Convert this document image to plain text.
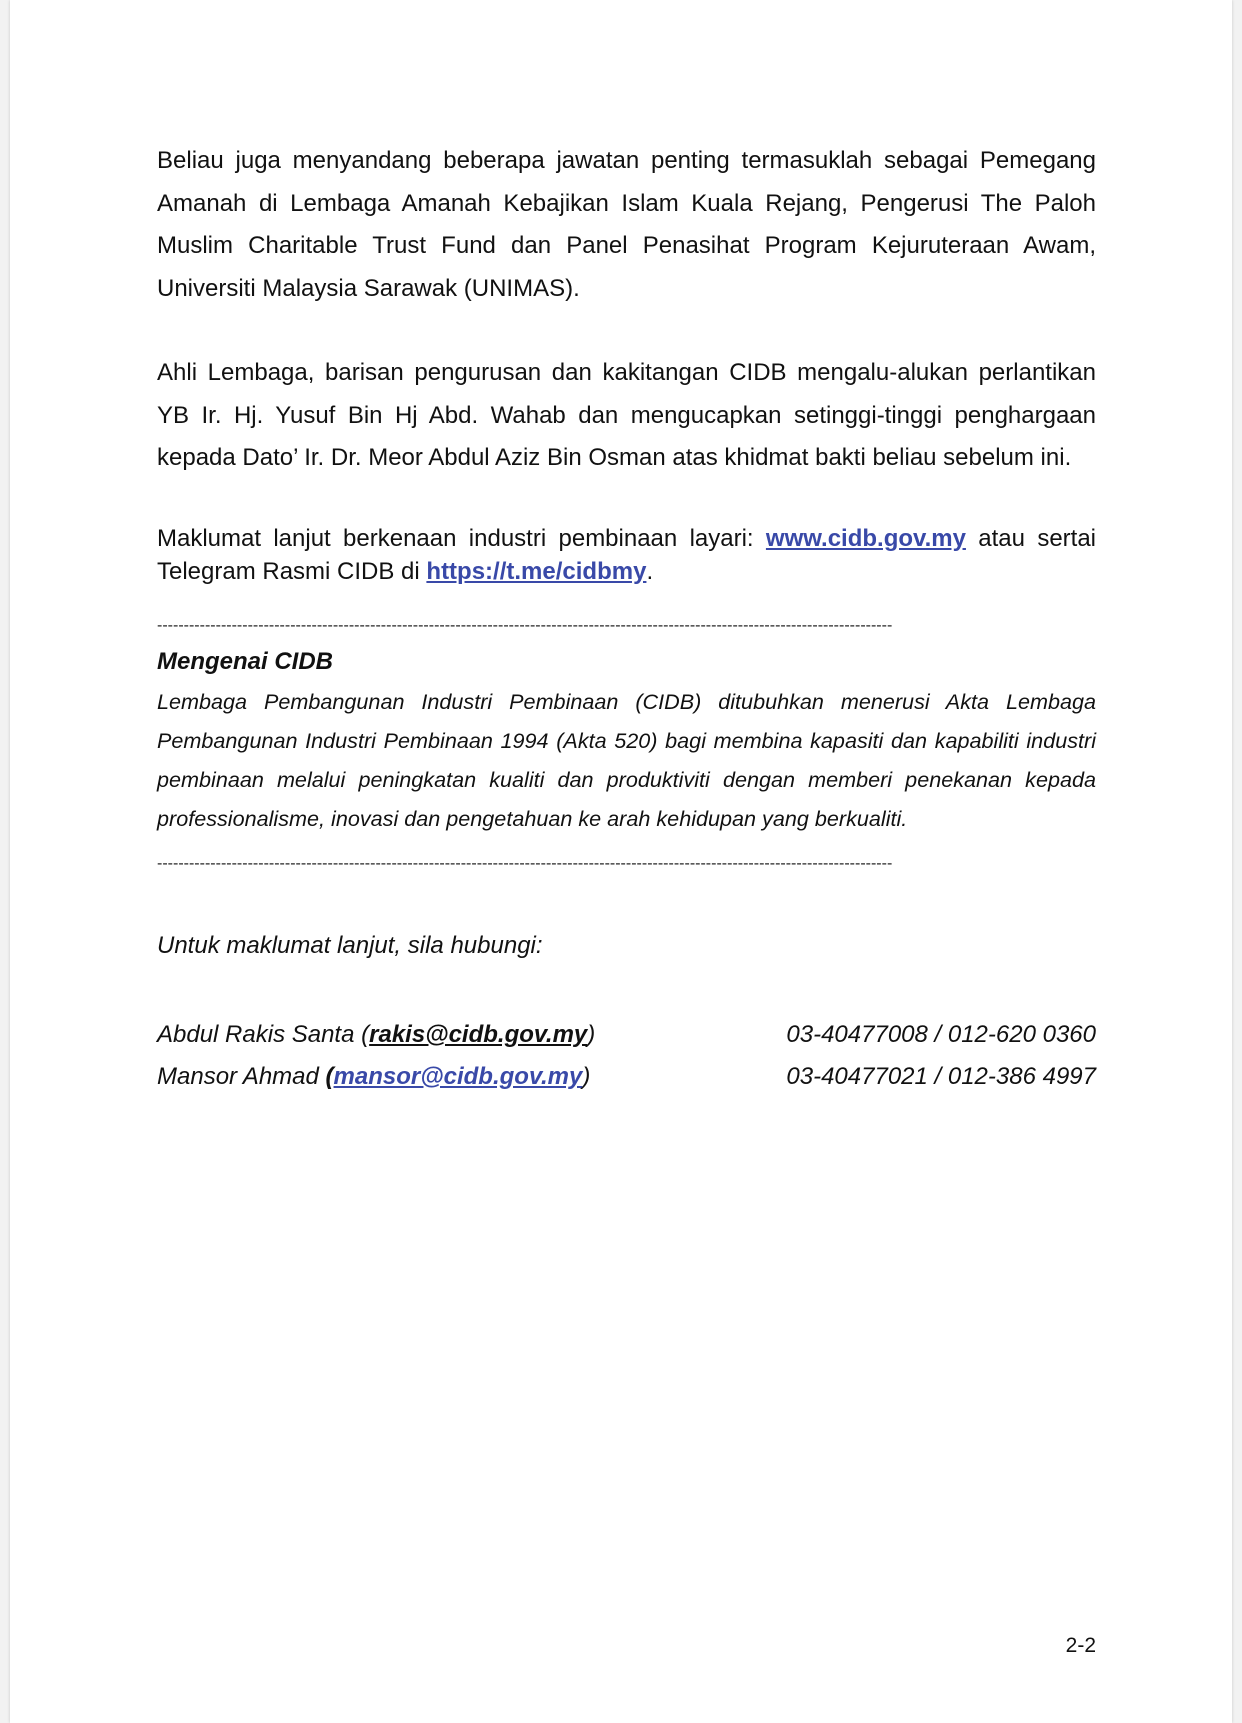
Beliau juga menyandang beberapa jawatan penting termasuklah sebagai Pemegang Amanah di Lembaga Amanah Kebajikan Islam Kuala Rejang, Pengerusi The Paloh Muslim Charitable Trust Fund dan Panel Penasihat Program Kejuruteraan Awam, Universiti Malaysia Sarawak (UNIMAS).

Ahli Lembaga, barisan pengurusan dan kakitangan CIDB mengalu-alukan perlantikan YB Ir. Hj. Yusuf Bin Hj Abd. Wahab dan mengucapkan setinggi-tinggi penghargaan kepada Dato’ Ir. Dr. Meor Abdul Aziz Bin Osman atas khidmat bakti beliau sebelum ini.

Maklumat lanjut berkenaan industri pembinaan layari: www.cidb.gov.my atau sertai Telegram Rasmi CIDB di https://t.me/cidbmy.

------------------------------------------------------------------------------------------------------------------------------------------

Mengenai CIDB

Lembaga Pembangunan Industri Pembinaan (CIDB) ditubuhkan menerusi Akta Lembaga Pembangunan Industri Pembinaan 1994 (Akta 520) bagi membina kapasiti dan kapabiliti industri pembinaan melalui peningkatan kualiti dan produktiviti dengan memberi penekanan kepada professionalisme, inovasi dan pengetahuan ke arah kehidupan yang berkualiti.

------------------------------------------------------------------------------------------------------------------------------------------

Untuk maklumat lanjut, sila hubungi:

Abdul Rakis Santa (rakis@cidb.gov.my)	03-40477008 / 012-620 0360
Mansor Ahmad (mansor@cidb.gov.my)	03-40477021 / 012-386 4997
2-2
